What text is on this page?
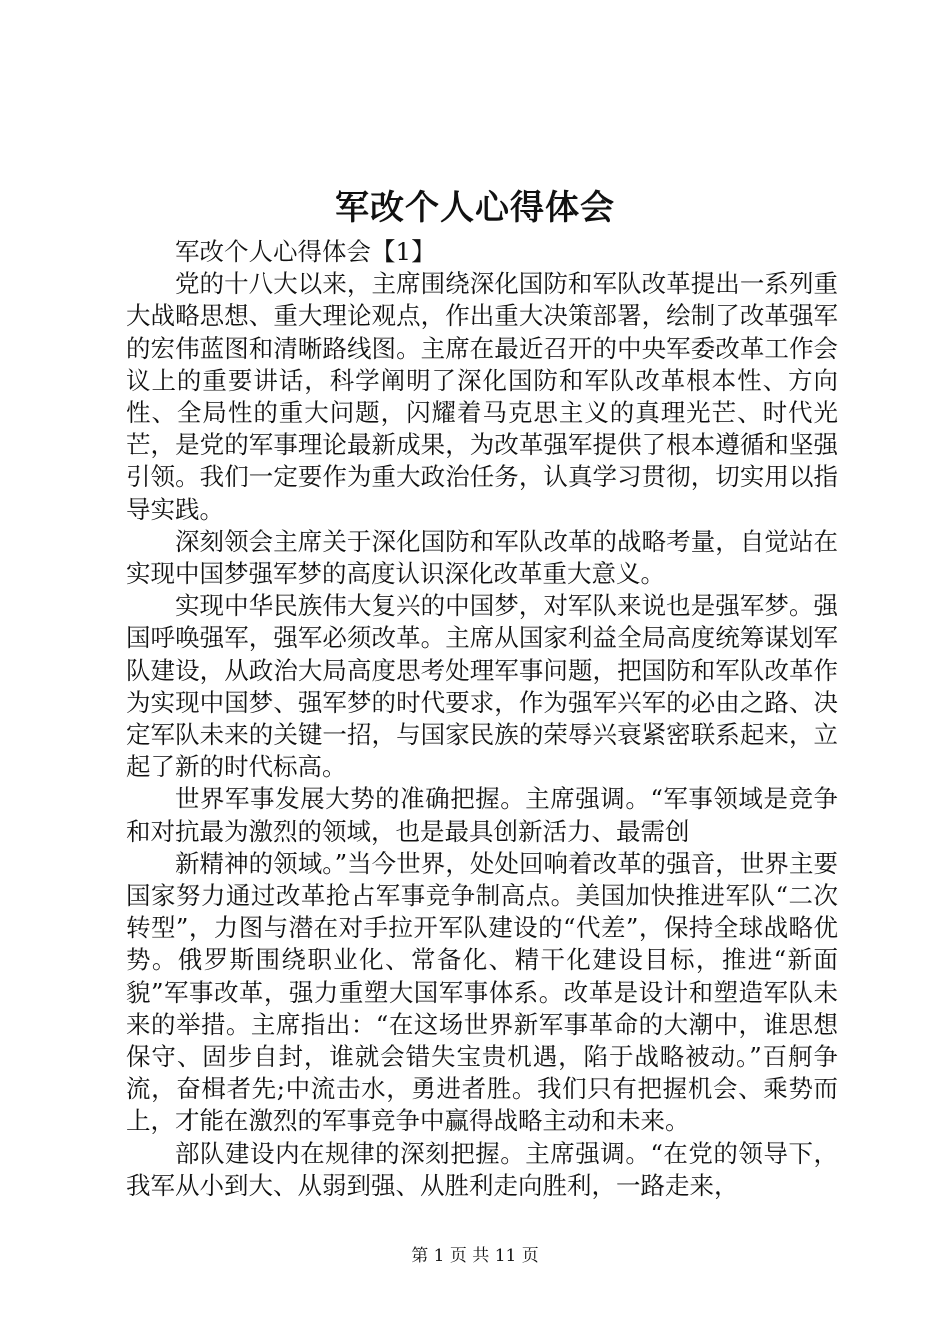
军改个人心得体会

军改个人心得体会【1】

党的十八大以来，主席围绕深化国防和军队改革提出一系列重大战略思想、重大理论观点，作出重大决策部署，绘制了改革强军的宏伟蓝图和清晰路线图。主席在最近召开的中央军委改革工作会议上的重要讲话，科学阐明了深化国防和军队改革根本性、方向性、全局性的重大问题，闪耀着马克思主义的真理光芒、时代光芒，是党的军事理论最新成果，为改革强军提供了根本遵循和坚强引领。我们一定要作为重大政治任务，认真学习贯彻，切实用以指导实践。

深刻领会主席关于深化国防和军队改革的战略考量，自觉站在实现中国梦强军梦的高度认识深化改革重大意义。

实现中华民族伟大复兴的中国梦，对军队来说也是强军梦。强国呼唤强军，强军必须改革。主席从国家利益全局高度统筹谋划军队建设，从政治大局高度思考处理军事问题，把国防和军队改革作为实现中国梦、强军梦的时代要求，作为强军兴军的必由之路、决定军队未来的关键一招，与国家民族的荣辱兴衰紧密联系起来，立起了新的时代标高。

世界军事发展大势的准确把握。主席强调。“军事领域是竞争和对抗最为激烈的领域，也是最具创新活力、最需创

新精神的领域。”当今世界，处处回响着改革的强音，世界主要国家努力通过改革抢占军事竞争制高点。美国加快推进军队“二次转型”，力图与潜在对手拉开军队建设的“代差”，保持全球战略优势。俄罗斯围绕职业化、常备化、精干化建设目标，推进“新面貌”军事改革，强力重塑大国军事体系。改革是设计和塑造军队未来的举措。主席指出：“在这场世界新军事革命的大潮中，谁思想保守、固步自封，谁就会错失宝贵机遇，陷于战略被动。”百舸争流，奋楫者先;中流击水，勇进者胜。我们只有把握机会、乘势而上，才能在激烈的军事竞争中赢得战略主动和未来。

部队建设内在规律的深刻把握。主席强调。“在党的领导下，我军从小到大、从弱到强、从胜利走向胜利，一路走来，

第 1 页 共 11 页
